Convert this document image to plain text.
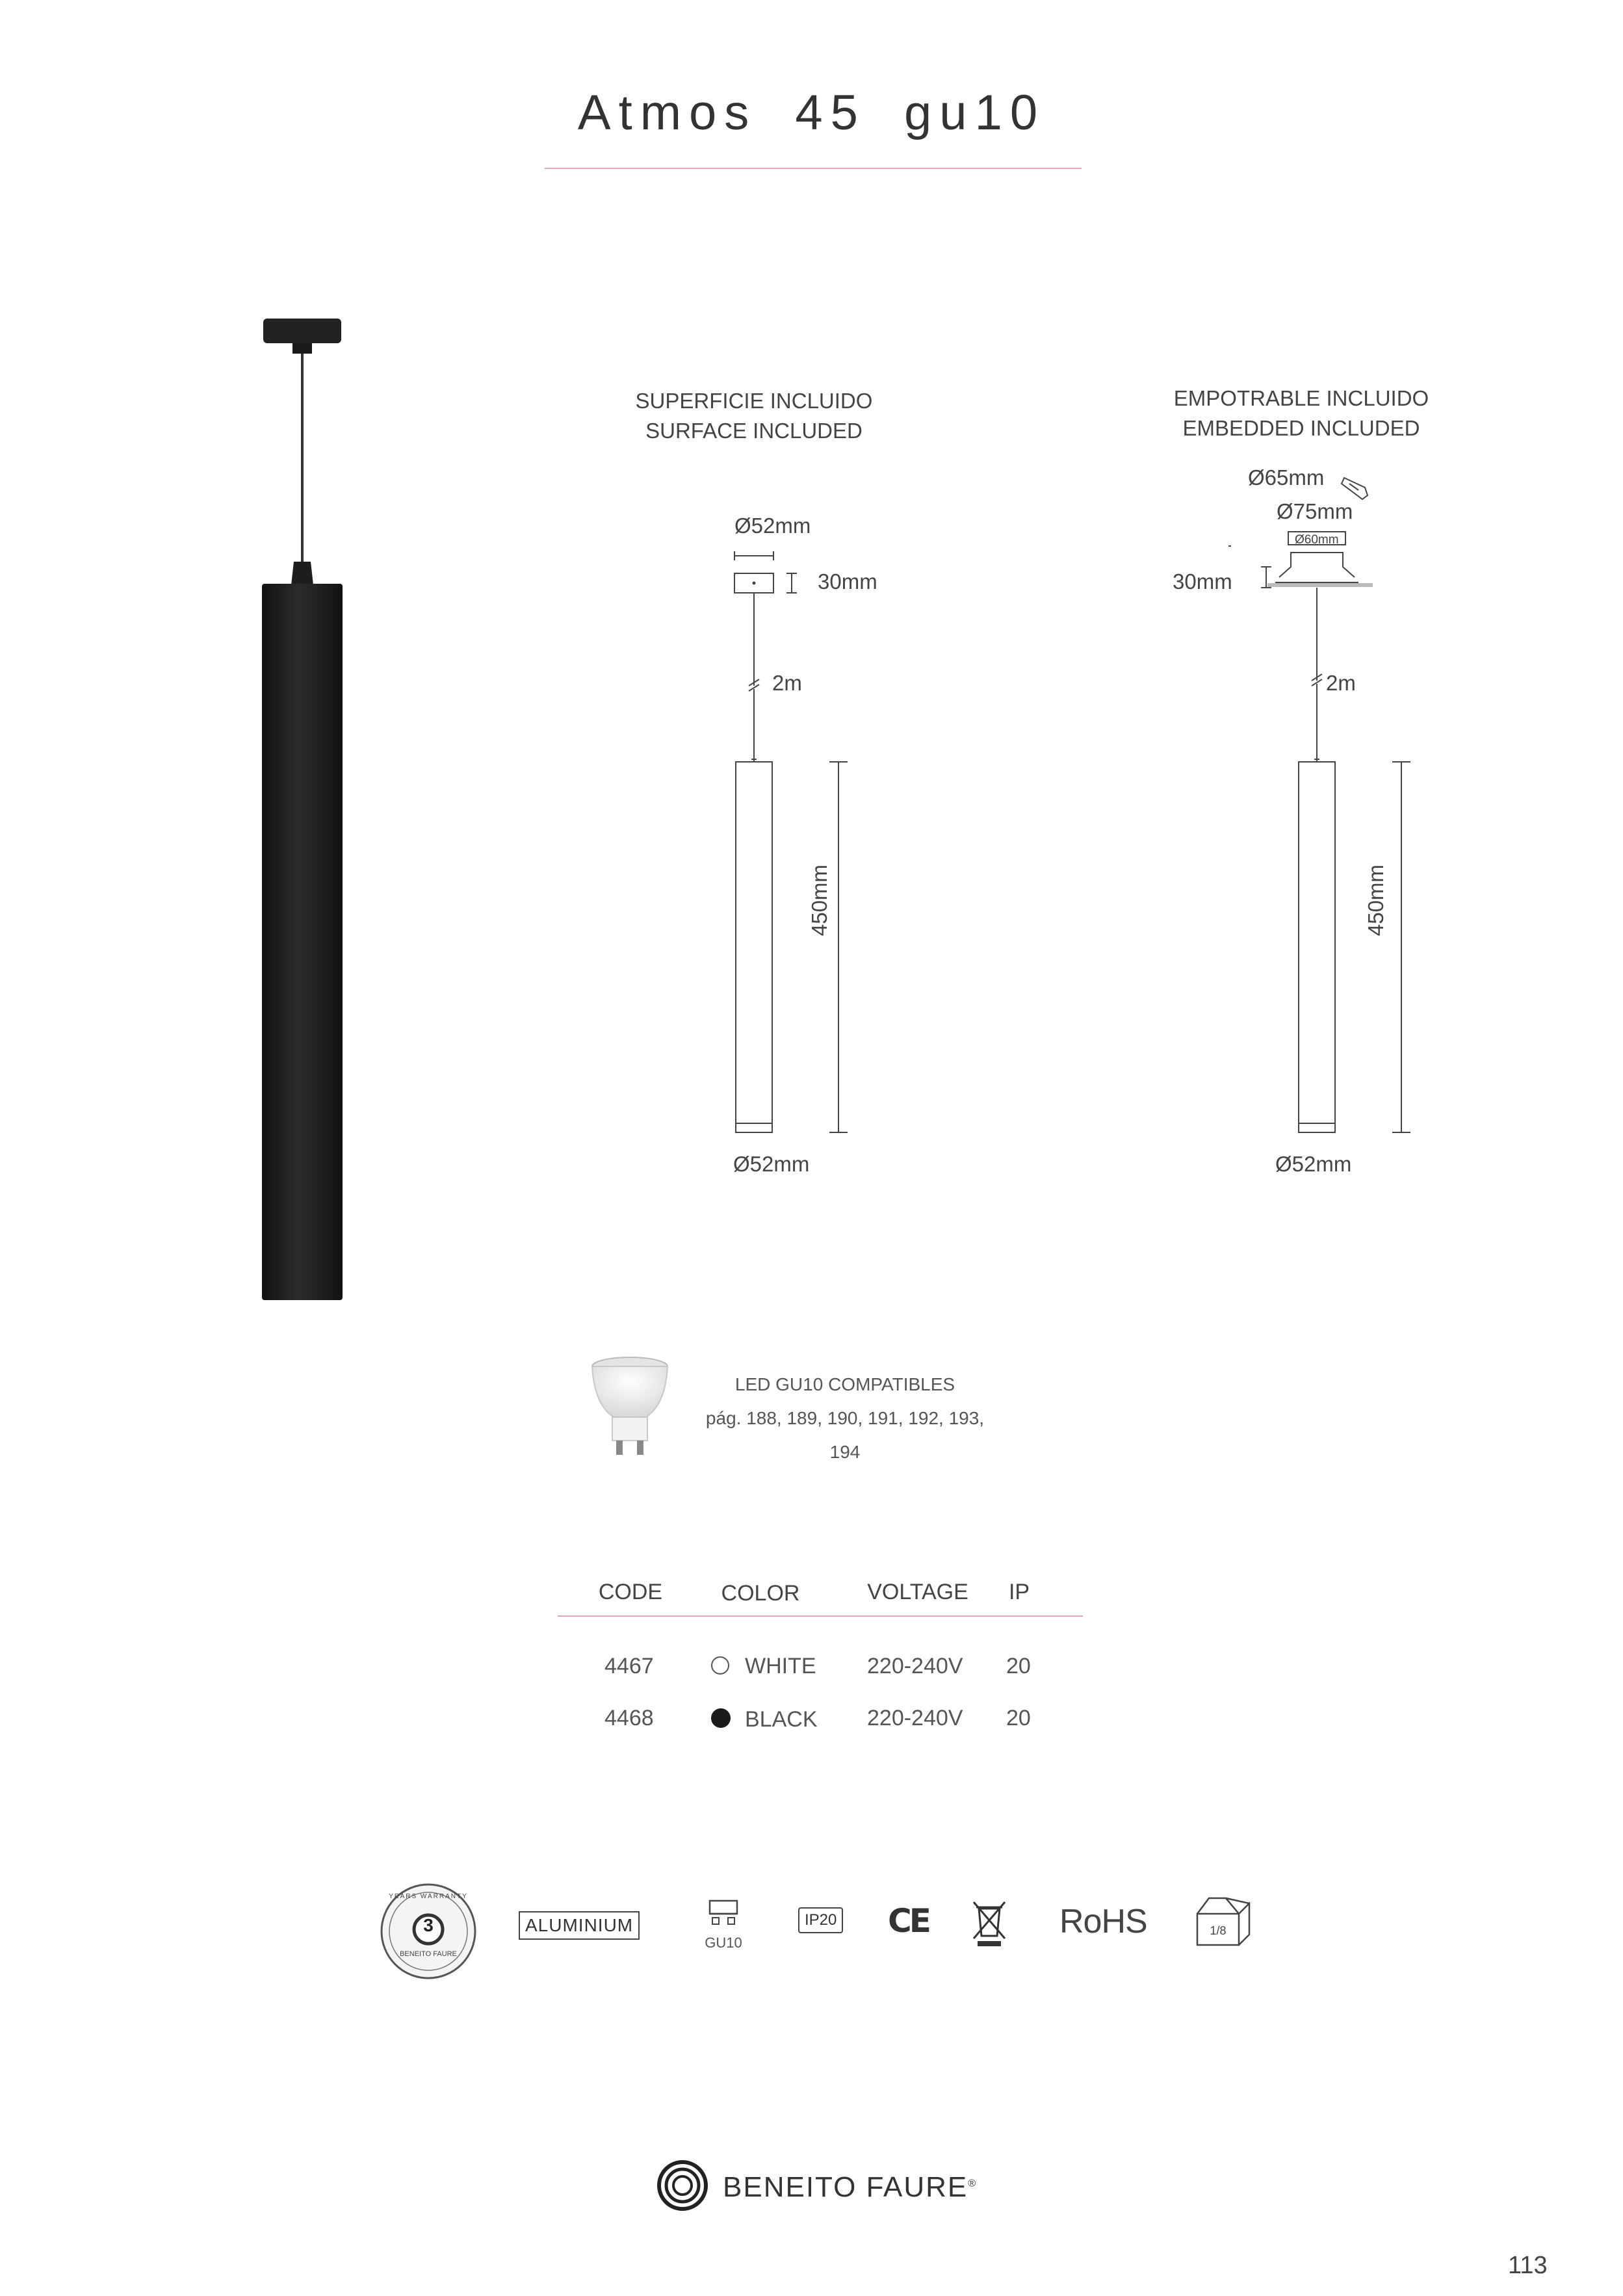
Atmos 45 gu10
SUPERFICIE INCLUIDO
SURFACE INCLUDED
Ø52mm
30mm
2m
450mm
Ø52mm
EMPOTRABLE INCLUIDO
EMBEDDED INCLUDED
Ø65mm
Ø75mm
Ø60mm
30mm
2m
450mm
Ø52mm
LED GU10 COMPATIBLES
pág. 188, 189, 190, 191, 192, 193, 194
CODE	COLOR	VOLTAGE	IP
4467	WHITE 220-240V 20
4468	BLACK 220-240V 20
3
YEARS WARRANTY
BENEITO FAURE
ALUMINIUM
GU10
IP20 CE	RoHS	1/8
BENEITO FAURE®
113
